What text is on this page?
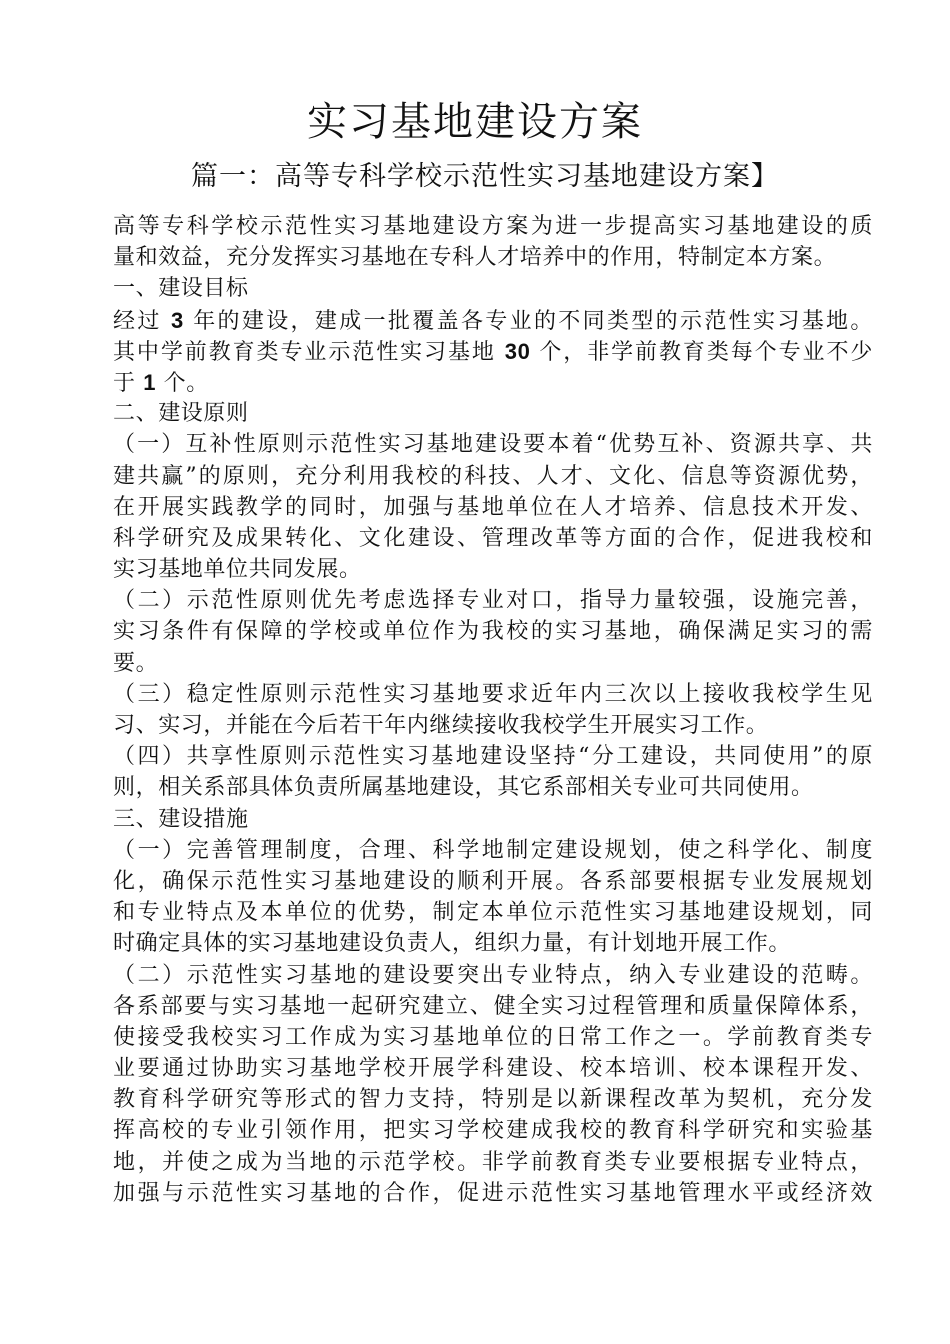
实习基地建设方案
篇一：高等专科学校示范性实习基地建设方案】
高等专科学校示范性实习基地建设方案为进一步提高实习基地建设的质
量和效益，充分发挥实习基地在专科人才培养中的作用，特制定本方案。
一、建设目标
经过 3 年的建设，建成一批覆盖各专业的不同类型的示范性实习基地。
其中学前教育类专业示范性实习基地 30 个，非学前教育类每个专业不少
于 1 个。
二、建设原则
（一）互补性原则示范性实习基地建设要本着“优势互补、资源共享、共
建共赢”的原则，充分利用我校的科技、人才、文化、信息等资源优势，
在开展实践教学的同时，加强与基地单位在人才培养、信息技术开发、
科学研究及成果转化、文化建设、管理改革等方面的合作，促进我校和
实习基地单位共同发展。
（二）示范性原则优先考虑选择专业对口，指导力量较强，设施完善，
实习条件有保障的学校或单位作为我校的实习基地，确保满足实习的需
要。
（三）稳定性原则示范性实习基地要求近年内三次以上接收我校学生见
习、实习，并能在今后若干年内继续接收我校学生开展实习工作。
（四）共享性原则示范性实习基地建设坚持“分工建设，共同使用”的原
则，相关系部具体负责所属基地建设，其它系部相关专业可共同使用。
三、建设措施
（一）完善管理制度，合理、科学地制定建设规划，使之科学化、制度
化，确保示范性实习基地建设的顺利开展。各系部要根据专业发展规划
和专业特点及本单位的优势，制定本单位示范性实习基地建设规划，同
时确定具体的实习基地建设负责人，组织力量，有计划地开展工作。
（二）示范性实习基地的建设要突出专业特点，纳入专业建设的范畴。
各系部要与实习基地一起研究建立、健全实习过程管理和质量保障体系，
使接受我校实习工作成为实习基地单位的日常工作之一。学前教育类专
业要通过协助实习基地学校开展学科建设、校本培训、校本课程开发、
教育科学研究等形式的智力支持，特别是以新课程改革为契机，充分发
挥高校的专业引领作用，把实习学校建成我校的教育科学研究和实验基
地，并使之成为当地的示范学校。非学前教育类专业要根据专业特点，
加强与示范性实习基地的合作，促进示范性实习基地管理水平或经济效
